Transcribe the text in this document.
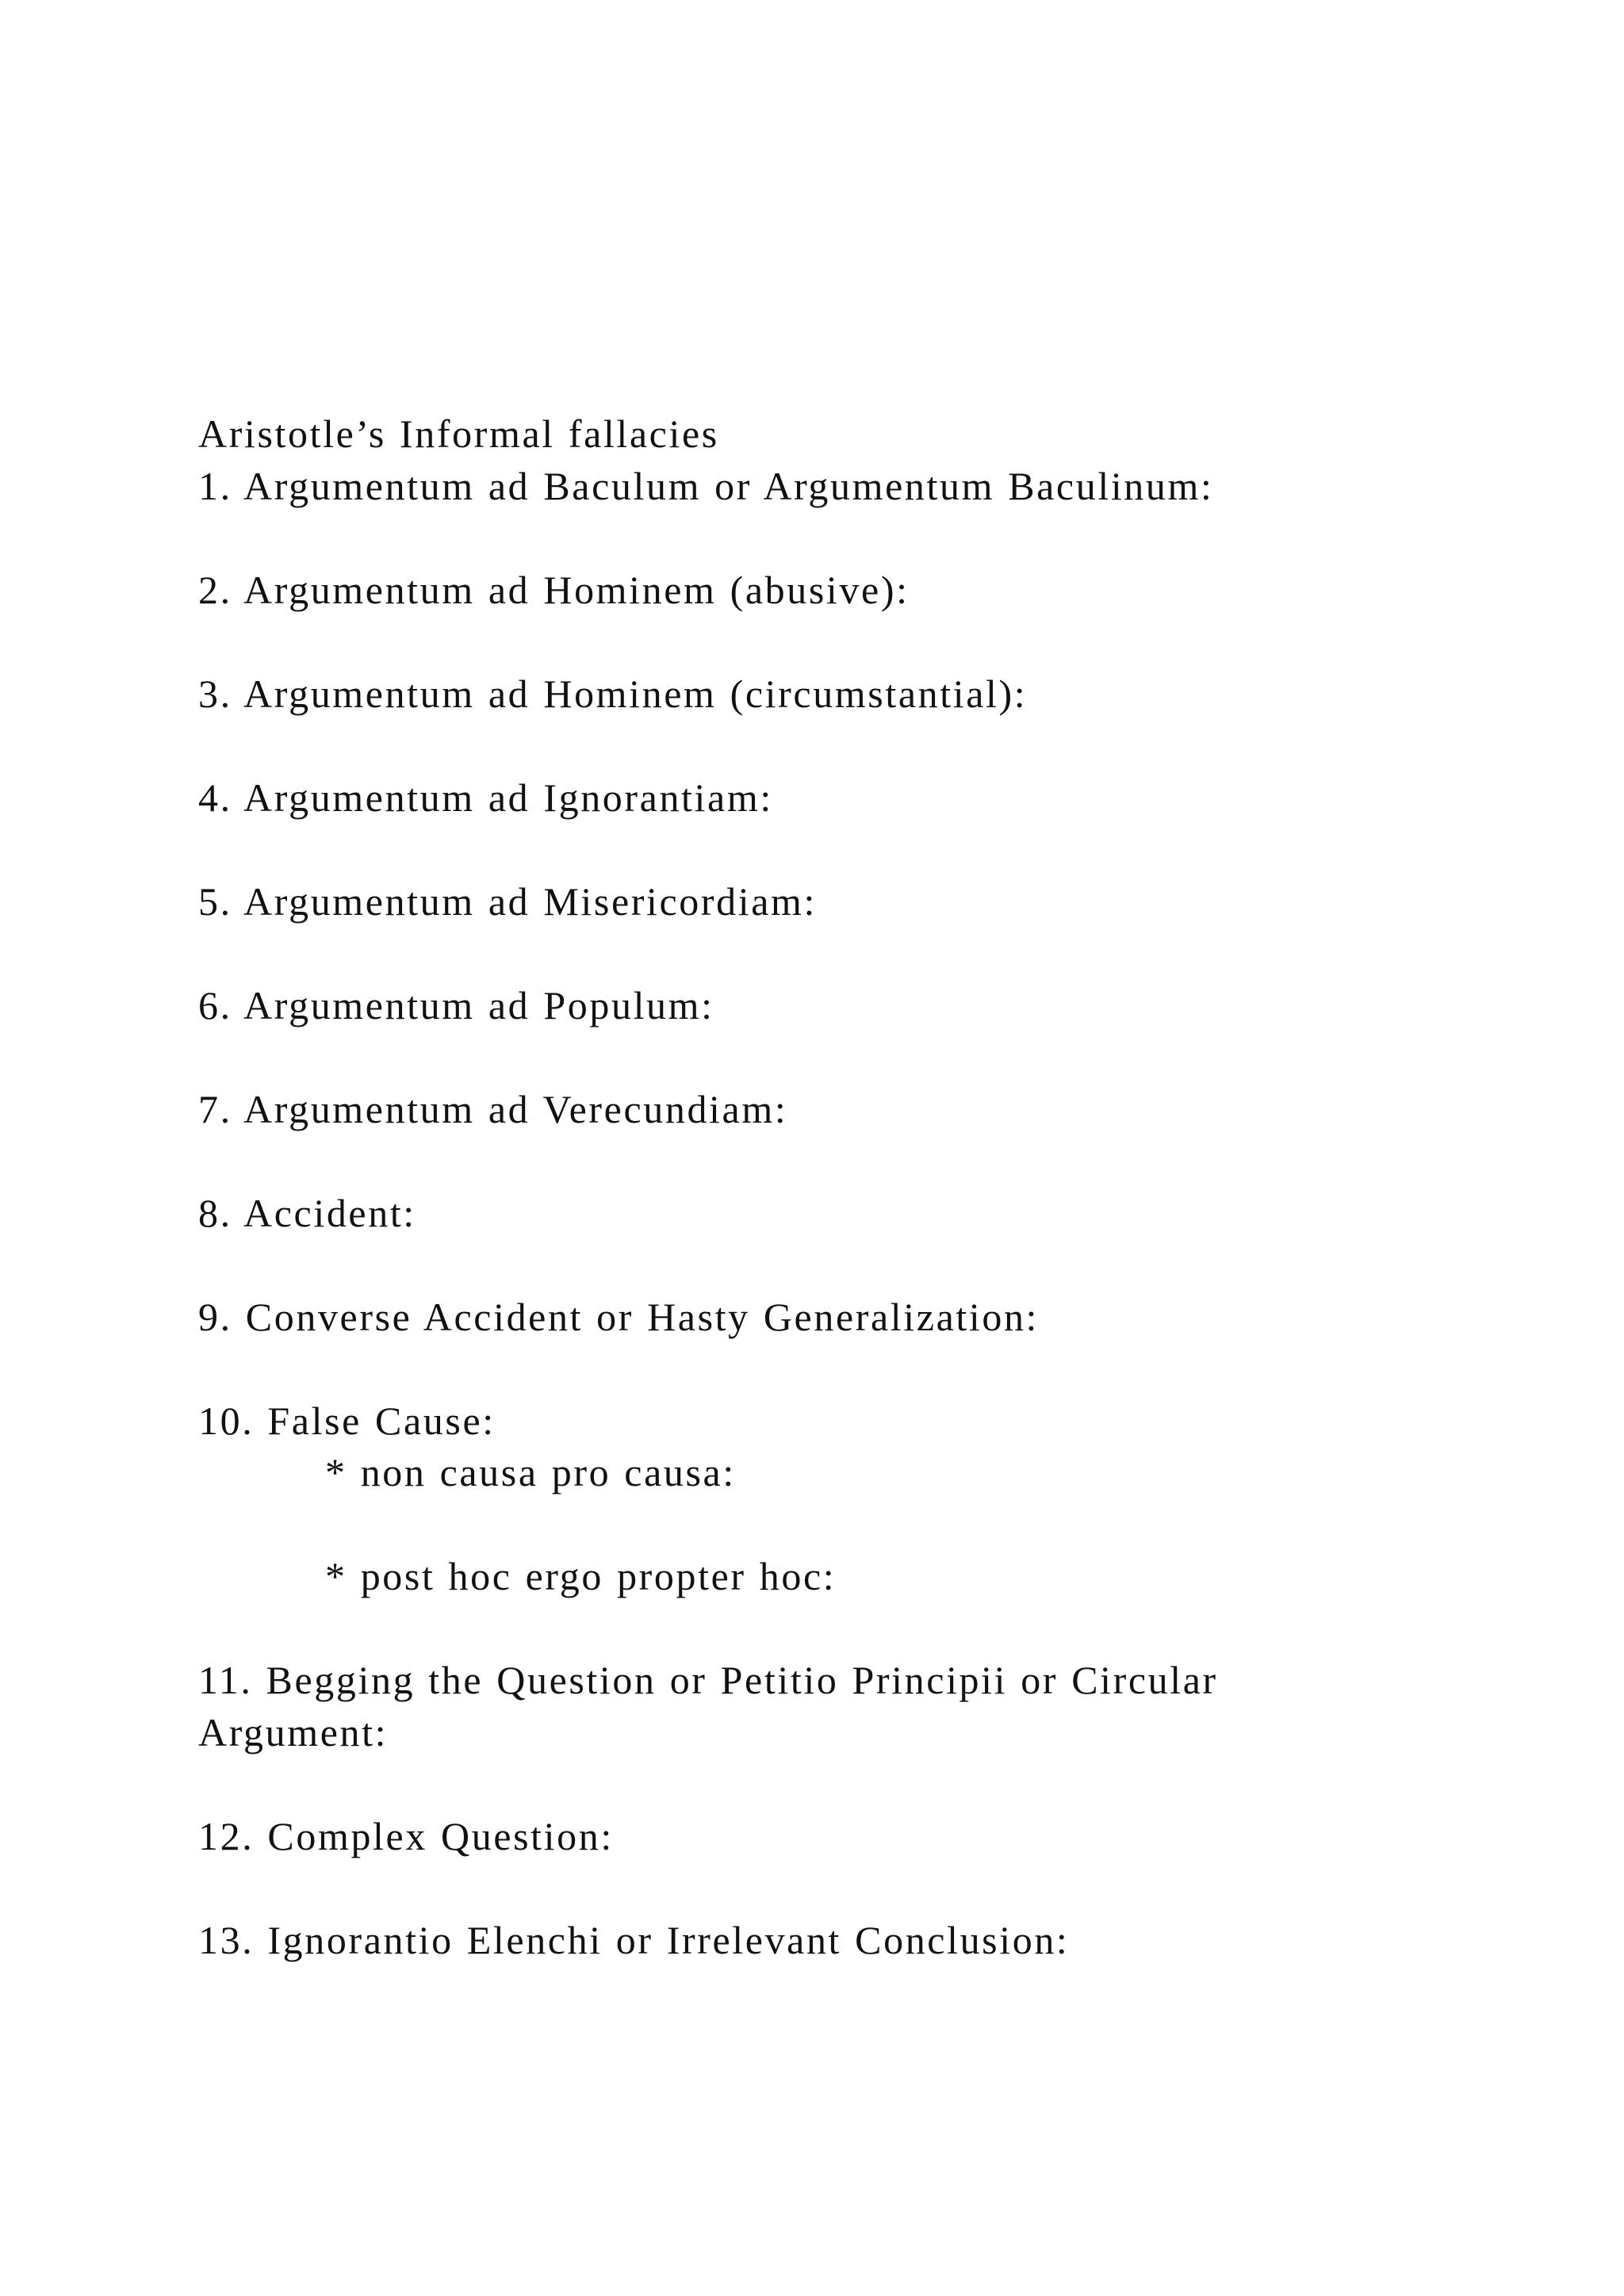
Aristotle’s Informal fallacies
1. Argumentum ad Baculum or Argumentum Baculinum:
2. Argumentum ad Hominem (abusive):
3. Argumentum ad Hominem (circumstantial):
4. Argumentum ad Ignorantiam:
5. Argumentum ad Misericordiam:
6. Argumentum ad Populum:
7. Argumentum ad Verecundiam:
8. Accident:
9. Converse Accident or Hasty Generalization:
10. False Cause:
* non causa pro causa:
* post hoc ergo propter hoc:
11. Begging the Question or Petitio Principii or Circular
Argument:
12. Complex Question:
13. Ignorantio Elenchi or Irrelevant Conclusion:
